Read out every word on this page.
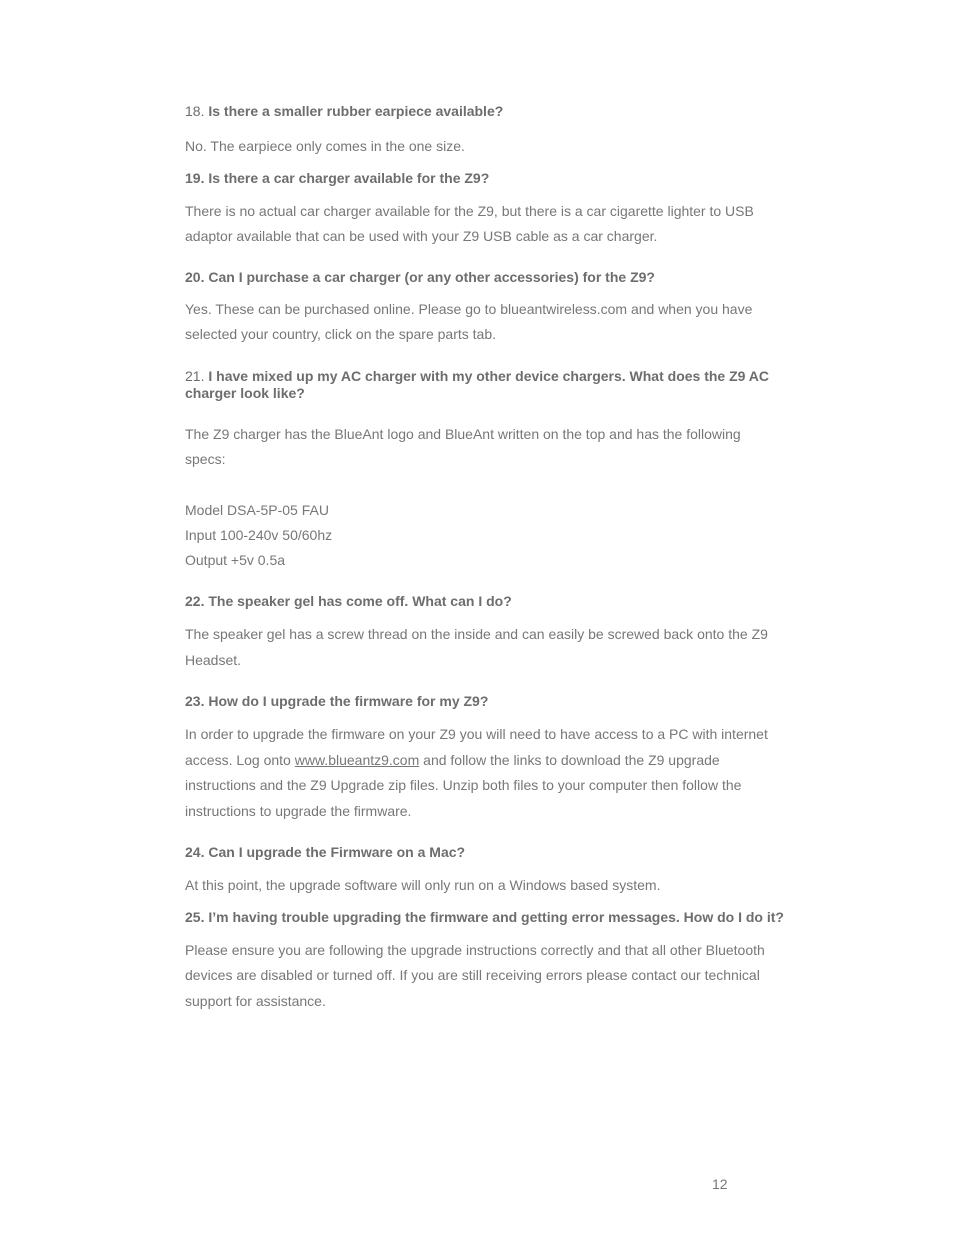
18. Is there a smaller rubber earpiece available?

No. The earpiece only comes in the one size.

19. Is there a car charger available for the Z9?

There is no actual car charger available for the Z9, but there is a car cigarette lighter to USB adaptor available that can be used with your Z9 USB cable as a car charger.

20. Can I purchase a car charger (or any other accessories) for the Z9?

Yes. These can be purchased online. Please go to blueantwireless.com and when you have selected your country, click on the spare parts tab.

21. I have mixed up my AC charger with my other device chargers. What does the Z9 AC charger look like?

The Z9 charger has the BlueAnt logo and BlueAnt written on the top and has the following specs:

Model DSA-5P-05 FAU

Input 100-240v 50/60hz

Output +5v 0.5a

22. The speaker gel has come off. What can I do?

The speaker gel has a screw thread on the inside and can easily be screwed back onto the Z9 Headset.

23. How do I upgrade the firmware for my Z9?

In order to upgrade the firmware on your Z9 you will need to have access to a PC with internet access. Log onto www.blueantz9.com and follow the links to download the Z9 upgrade instructions and the Z9 Upgrade zip files. Unzip both files to your computer then follow the instructions to upgrade the firmware.

24. Can I upgrade the Firmware on a Mac?

At this point, the upgrade software will only run on a Windows based system.

25. I’m having trouble upgrading the firmware and getting error messages. How do I do it?

Please ensure you are following the upgrade instructions correctly and that all other Bluetooth devices are disabled or turned off. If you are still receiving errors please contact our technical support for assistance.

12
